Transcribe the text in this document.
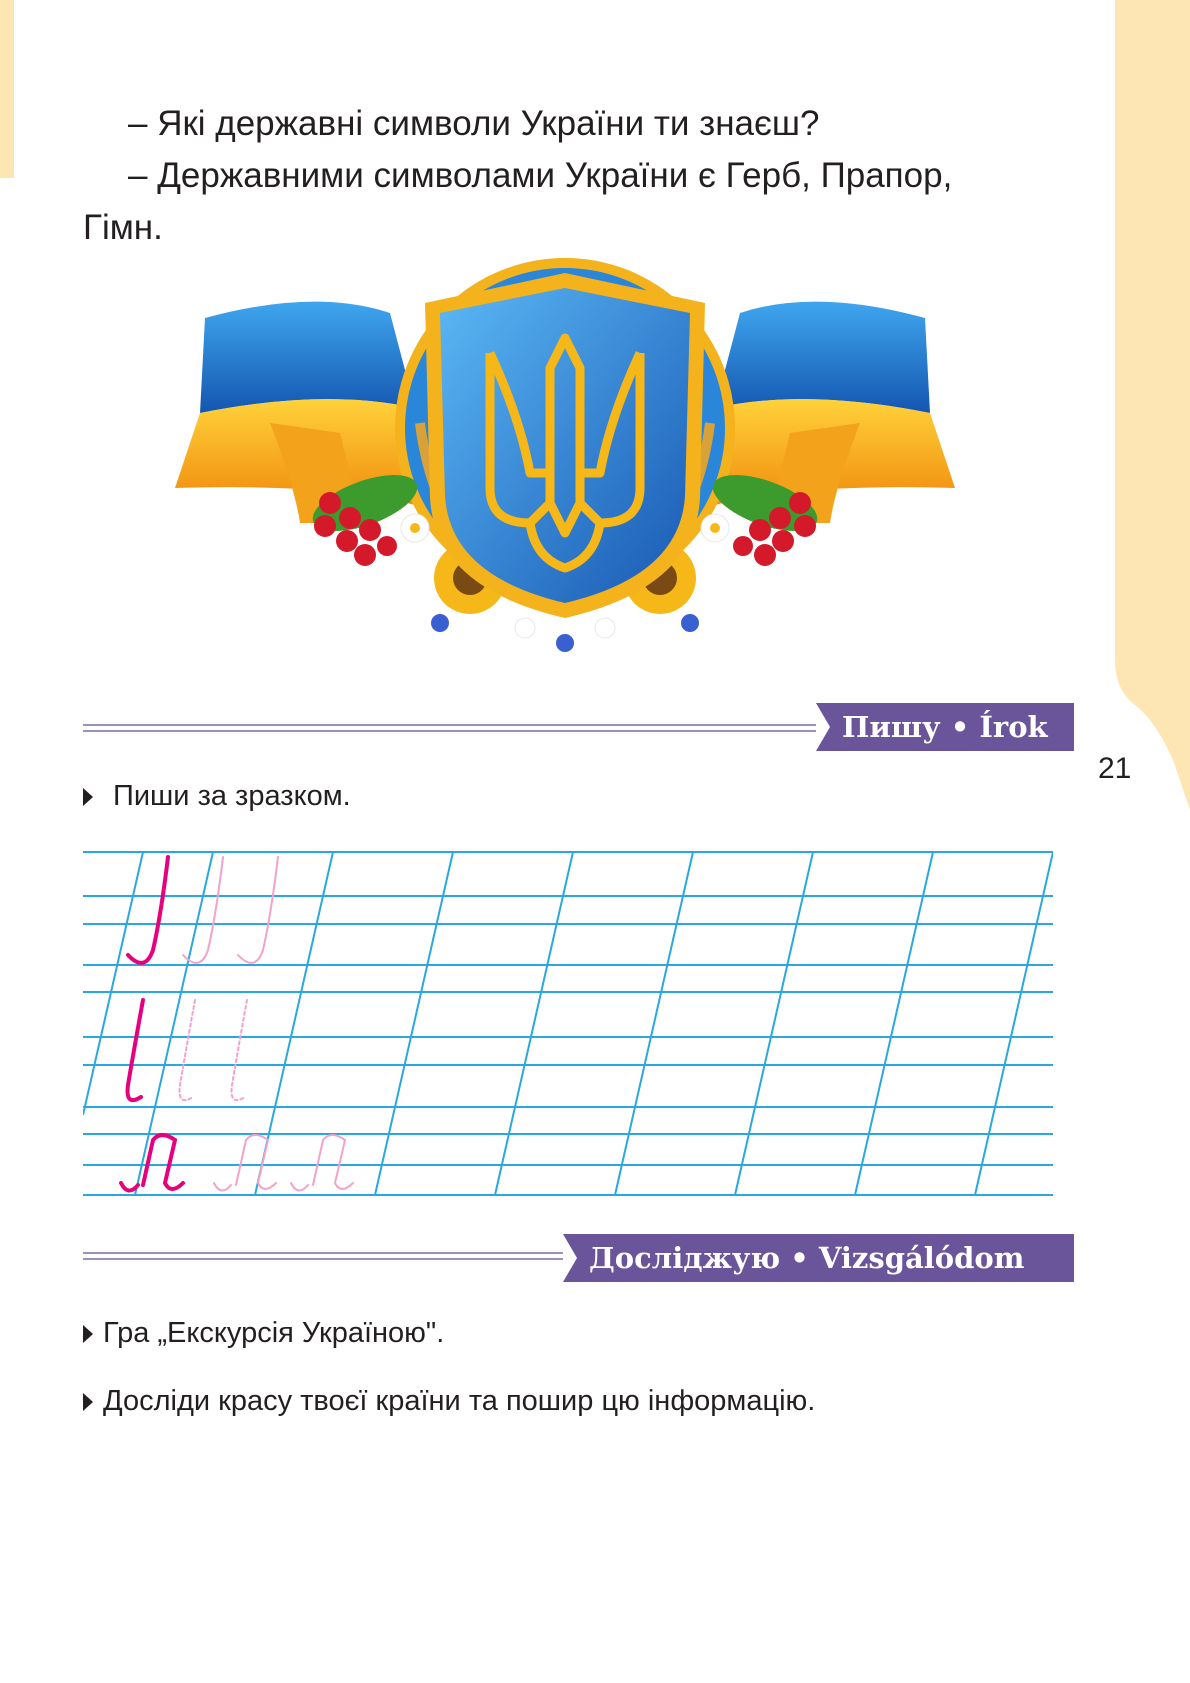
21

– Які державні символи України ти знаєш?

– Державними символами України є Герб, Прапор,

Гімн.

Пишу • Írok
Пиши за зразком.
Досліджую • Vizsgálódom
Гра „Екскурсія Україною".
Досліди красу твоєї країни та пошир цю інформацію.
